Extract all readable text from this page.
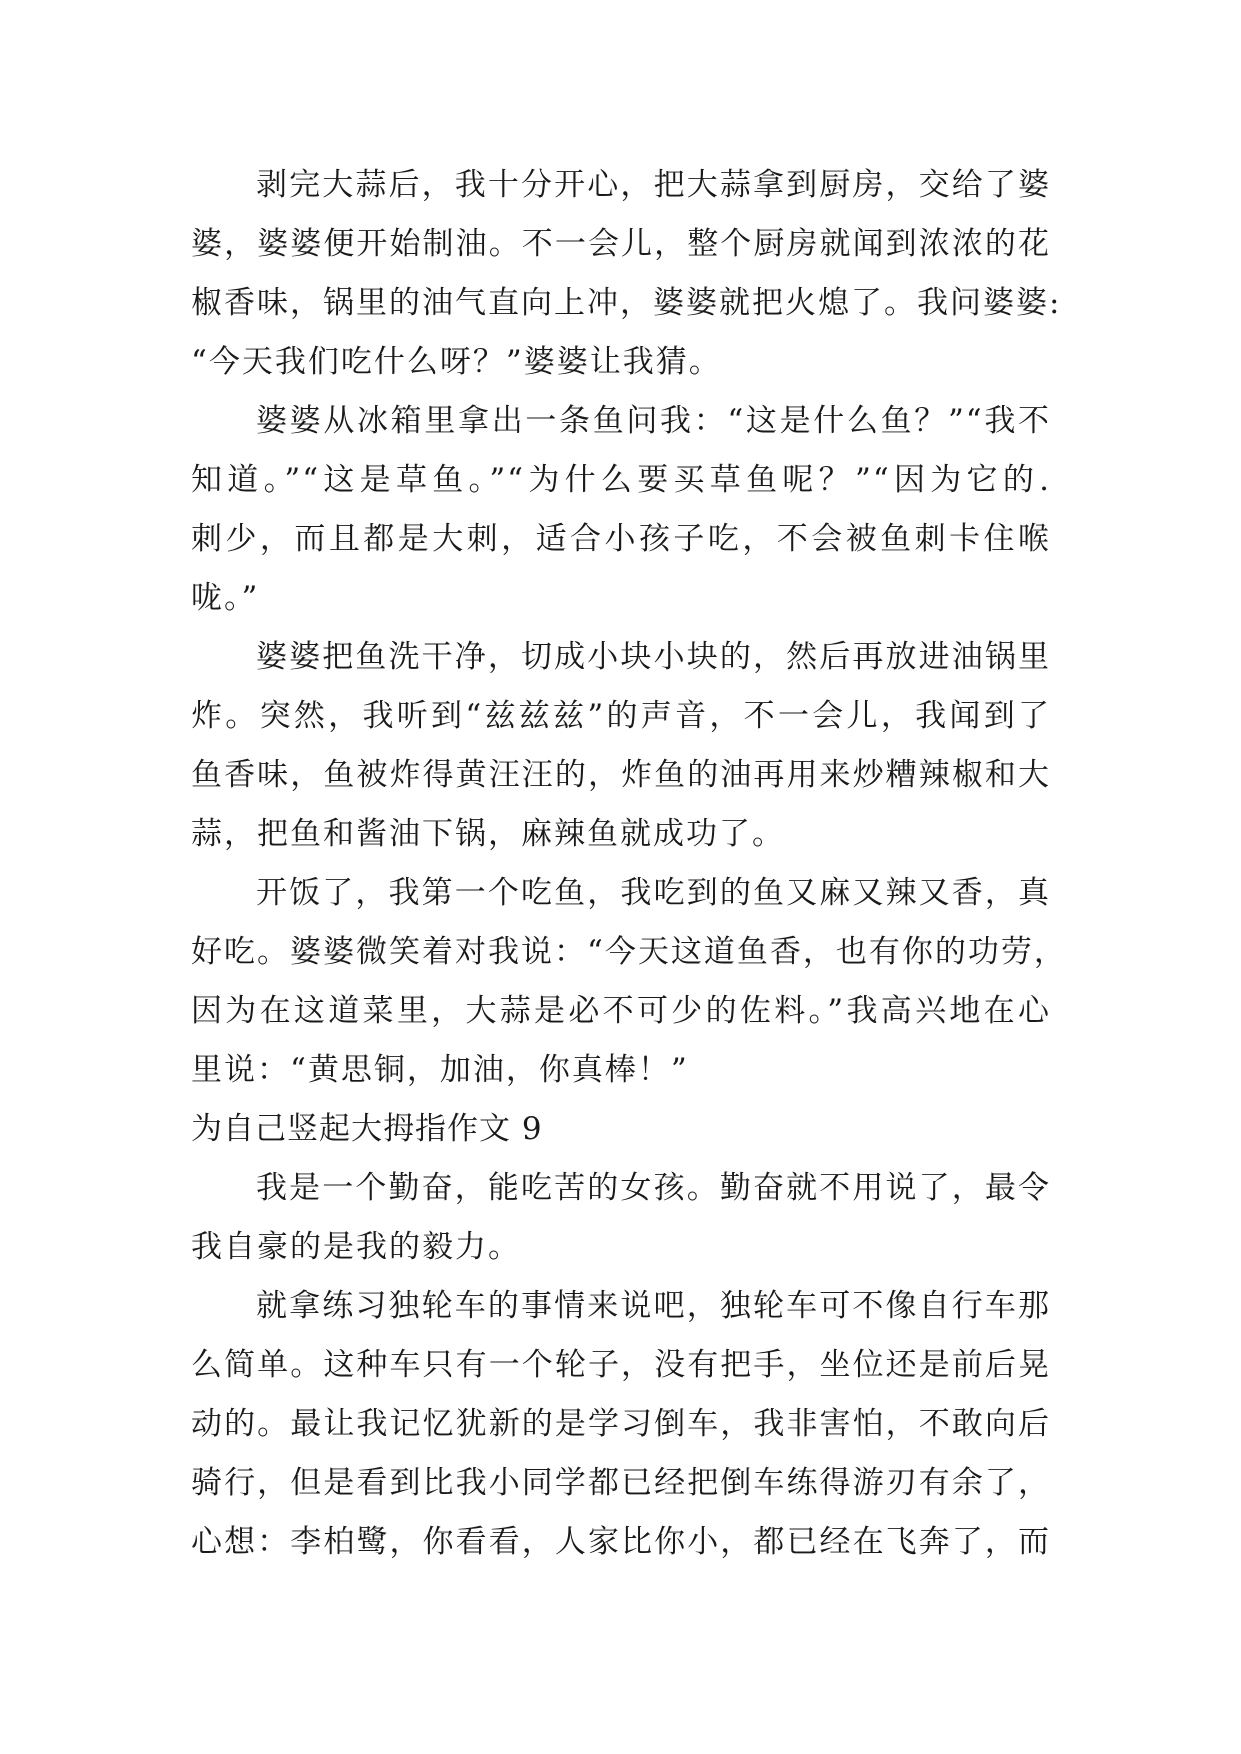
剥完大蒜后，我十分开心，把大蒜拿到厨房，交给了婆
婆，婆婆便开始制油。不一会儿，整个厨房就闻到浓浓的花
椒香味，锅里的油气直向上冲，婆婆就把火熄了。我问婆婆:
“今天我们吃什么呀？”婆婆让我猜。
婆婆从冰箱里拿出一条鱼问我：“这是什么鱼？”“我不
知道。”“这是草鱼。”“为什么要买草鱼呢？”“因为它的.
刺少，而且都是大刺，适合小孩子吃，不会被鱼刺卡住喉
咙。”
婆婆把鱼洗干净，切成小块小块的，然后再放进油锅里
炸。突然，我听到“兹兹兹”的声音，不一会儿，我闻到了
鱼香味，鱼被炸得黄汪汪的，炸鱼的油再用来炒糟辣椒和大
蒜，把鱼和酱油下锅，麻辣鱼就成功了。
开饭了，我第一个吃鱼，我吃到的鱼又麻又辣又香，真
好吃。婆婆微笑着对我说：“今天这道鱼香，也有你的功劳，
因为在这道菜里，大蒜是必不可少的佐料。”我高兴地在心
里说：“黄思铜，加油，你真棒！”
为自己竖起大拇指作文 9
我是一个勤奋，能吃苦的女孩。勤奋就不用说了，最令
我自豪的是我的毅力。
就拿练习独轮车的事情来说吧，独轮车可不像自行车那
么简单。这种车只有一个轮子，没有把手，坐位还是前后晃
动的。最让我记忆犹新的是学习倒车，我非害怕，不敢向后
骑行，但是看到比我小同学都已经把倒车练得游刃有余了，
心想：李柏鹭，你看看，人家比你小，都已经在飞奔了，而
